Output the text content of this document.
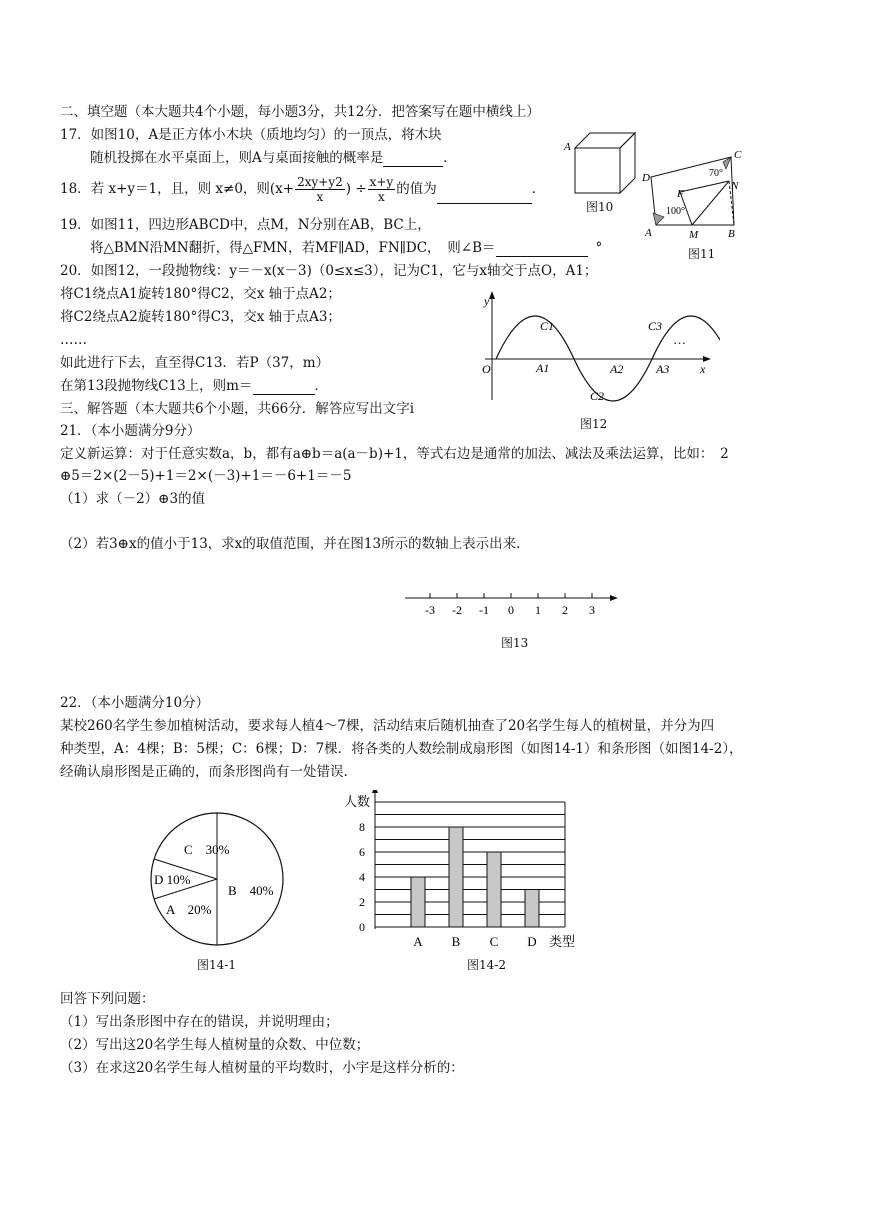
二、填空题（本大题共4个小题，每小题3分，共12分．把答案写在题中横线上）
17．如图10，A是正方体小木块（质地均匀）的一顶点，将木块
随机投掷在水平桌面上，则A与桌面接触的概率是	．
18．若 x+y＝1，且，则 x≠0，则($x+ \frac{2xy+y2}{x}$ ) ÷ $\frac{x+y}{x}$ 的值为	．
19．如图11，四边形ABCD中，点M，N分别在AB，BC上，
将△BMN沿MN翻折，得△FMN，若MF∥AD，FN∥DC，　则∠B＝	°
20．如图12，一段抛物线：y＝－x(x－3)（0≤x≤3），记为C1，它与x轴交于点O，A1；
将C1绕点A1旋转180°得C2，交x 轴于点A2；
将C2绕点A2旋转180°得C3，交x 轴于点A3；
……
如此进行下去，直至得C13．若P（37，m）
在第13段抛物线C13上，则m＝	．
三、解答题（本大题共6个小题，共66分．解答应写出文字i
21．（本小题满分9分）
定义新运算：对于任意实数a，b，都有a⊕b＝a(a－b)+1，等式右边是通常的加法、减法及乘法运算，比如：　2
⊕5＝2×(2－5)+1＝2×(－3)+1＝－6+1＝－5
（1）求（－2）⊕3的值
（2）若3⊕x的值小于13，求x的取值范围，并在图13所示的数轴上表示出来.
22．（本小题满分10分）
某校260名学生参加植树活动，要求每人植4～7棵，活动结束后随机抽查了20名学生每人的植树量，并分为四
种类型，A：4棵；B：5棵；C：6棵；D：7棵．将各类的人数绘制成扇形图（如图14-1）和条形图（如图14-2），
经确认扇形图是正确的，而条形图尚有一处错误.
回答下列问题：
（1）写出条形图中存在的错误，并说明理由；
（2）写出这20名学生每人植树量的众数、中位数；
（3）在求这20名学生每人植树量的平均数时，小宇是这样分析的：
A
图10
A	B
C
D
F
M
N
70°
100°
图11
y
x
O	A1	A2	A3
C1
C2
C3
…
图12
-3 -2 -1 0 1 2 3
图13
C　30%
D 10%
A　20%
B　40%
图14-1
0
2
4
6
8
A B C D
人数
类型
图14-2
